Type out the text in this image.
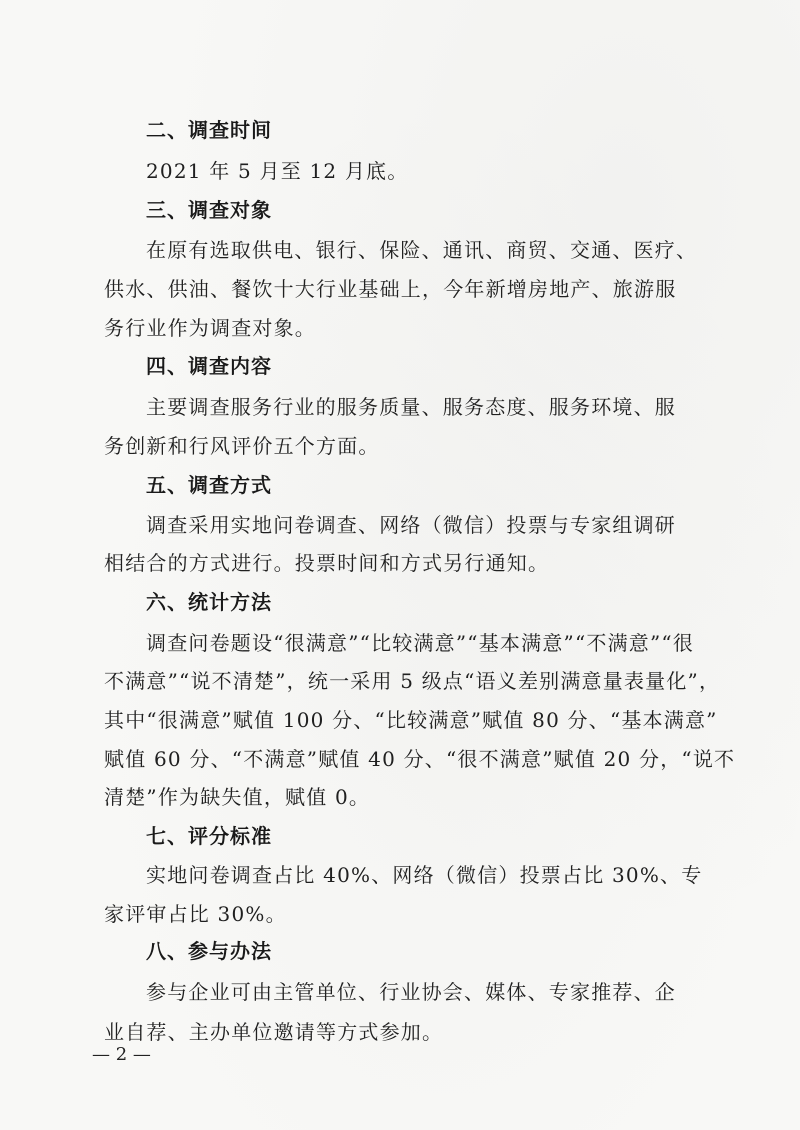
二、调查时间
2021 年 5 月至 12 月底。
三、调查对象
在原有选取供电、银行、保险、通讯、商贸、交通、医疗、
供水、供油、餐饮十大行业基础上，今年新增房地产、旅游服
务行业作为调查对象。
四、调查内容
主要调查服务行业的服务质量、服务态度、服务环境、服
务创新和行风评价五个方面。
五、调查方式
调查采用实地问卷调查、网络（微信）投票与专家组调研
相结合的方式进行。投票时间和方式另行通知。
六、统计方法
调查问卷题设“很满意”“比较满意”“基本满意”“不满意”“很
不满意”“说不清楚”，统一采用 5 级点“语义差别满意量表量化”，
其中“很满意”赋值 100 分、“比较满意”赋值 80 分、“基本满意”
赋值 60 分、“不满意”赋值 40 分、“很不满意”赋值 20 分，“说不
清楚”作为缺失值，赋值 0。
七、评分标准
实地问卷调查占比 40%、网络（微信）投票占比 30%、专
家评审占比 30%。
八、参与办法
参与企业可由主管单位、行业协会、媒体、专家推荐、企
业自荐、主办单位邀请等方式参加。
— 2 —
